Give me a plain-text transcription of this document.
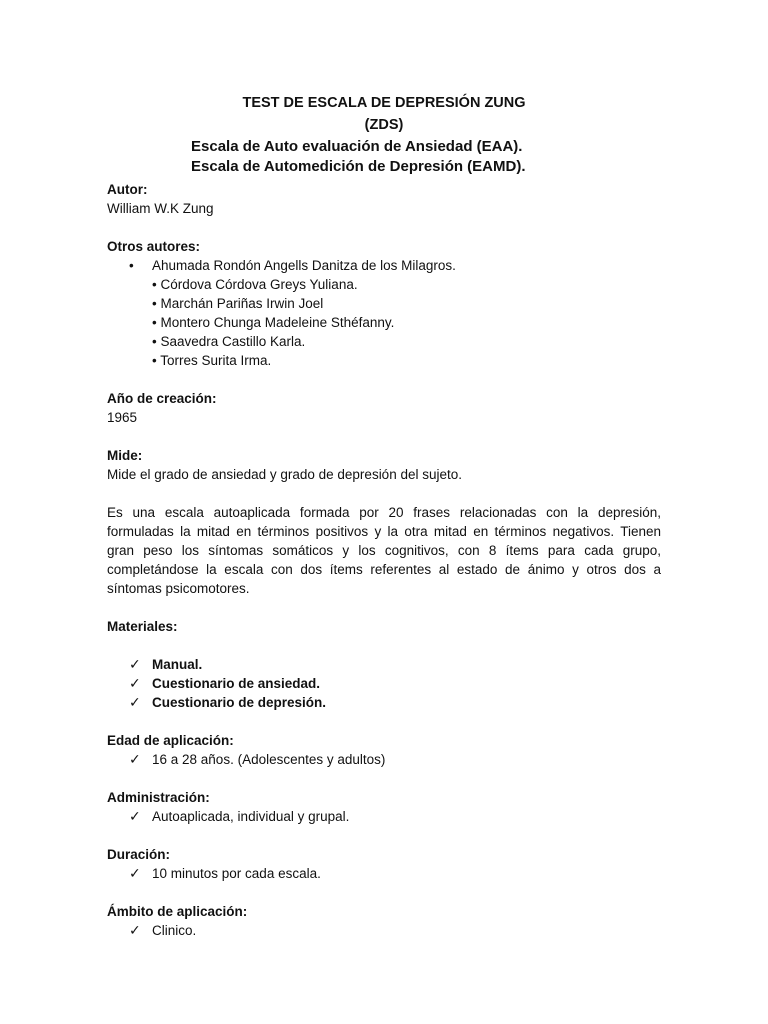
TEST DE ESCALA DE DEPRESIÓN ZUNG
(ZDS)
Escala de Auto evaluación de Ansiedad (EAA).
Escala de Automedición de Depresión (EAMD).
Autor:
William W.K Zung
Otros autores:
• Ahumada Rondón Angells Danitza de los Milagros.
• Córdova Córdova Greys Yuliana.
• Marchán Pariñas Irwin Joel
• Montero Chunga Madeleine Sthéfanny.
• Saavedra Castillo Karla.
• Torres Surita Irma.
Año de creación:
1965
Mide:
Mide el grado de ansiedad y grado de depresión del sujeto.
Es una escala autoaplicada formada por 20 frases relacionadas con la depresión,
formuladas la mitad en términos positivos y la otra mitad en términos negativos. Tienen
gran peso los síntomas somáticos y los cognitivos, con 8 ítems para cada grupo,
completándose la escala con dos ítems referentes al estado de ánimo y otros dos a
síntomas psicomotores.
Materiales:
✓ Manual.
✓ Cuestionario de ansiedad.
✓ Cuestionario de depresión.
Edad de aplicación:
✓ 16 a 28 años. (Adolescentes y adultos)
Administración:
✓ Autoaplicada, individual y grupal.
Duración:
✓ 10 minutos por cada escala.
Ámbito de aplicación:
✓ Clinico.
